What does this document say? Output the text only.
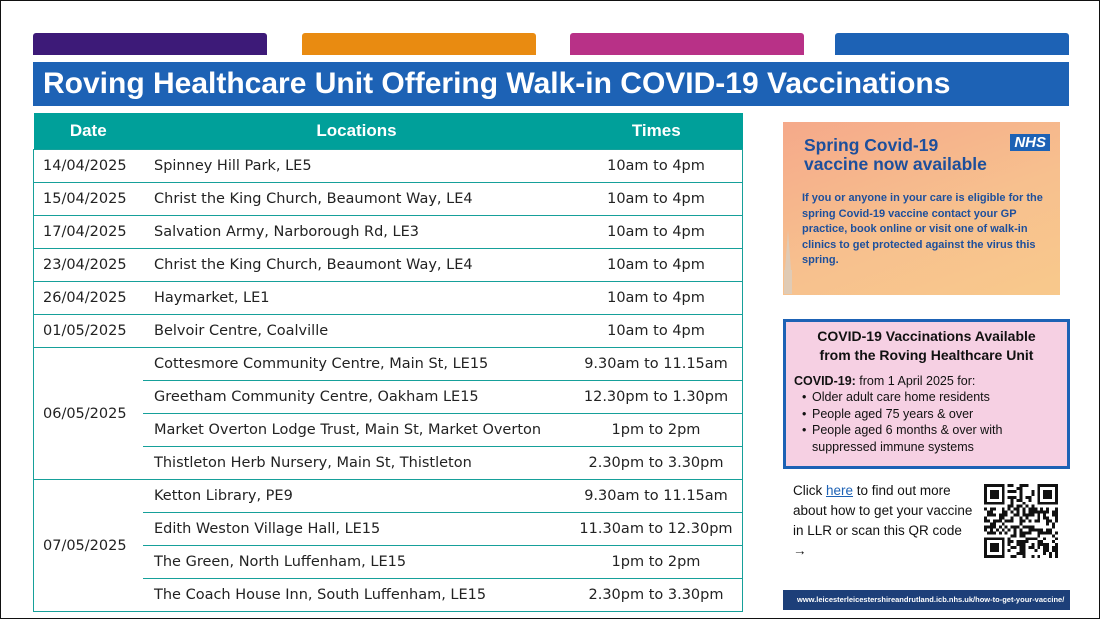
Roving Healthcare Unit Offering Walk-in COVID-19 Vaccinations
Date	Locations	Times
14/04/2025	Spinney Hill Park, LE5	10am to 4pm
15/04/2025	Christ the King Church, Beaumont Way, LE4	10am to 4pm
17/04/2025	Salvation Army, Narborough Rd, LE3	10am to 4pm
23/04/2025	Christ the King Church, Beaumont Way, LE4	10am to 4pm
26/04/2025	Haymarket, LE1	10am to 4pm
01/05/2025	Belvoir Centre, Coalville	10am to 4pm
06/05/2025	Cottesmore Community Centre, Main St, LE15	9.30am to 11.15am
	Greetham Community Centre, Oakham LE15	12.30pm to 1.30pm
	Market Overton Lodge Trust, Main St, Market Overton	1pm to 2pm
	Thistleton Herb Nursery, Main St, Thistleton	2.30pm to 3.30pm
07/05/2025	Ketton Library, PE9	9.30am to 11.15am
	Edith Weston Village Hall, LE15	11.30am to 12.30pm
	The Green, North Luffenham, LE15	1pm to 2pm
	The Coach House Inn, South Luffenham, LE15	2.30pm to 3.30pm
Spring Covid-19
vaccine now available
NHS
If you or anyone in your care is eligible for the spring Covid-19 vaccine contact your GP practice, book online or visit one of walk-in clinics to get protected against the virus this spring.
COVID-19 Vaccinations Available
from the Roving Healthcare Unit
COVID-19: from 1 April 2025 for:
• Older adult care home residents
• People aged 75 years & over
• People aged 6 months & over with suppressed immune systems
Click here to find out more about how to get your vaccine in LLR or scan this QR code →
www.leicesterleicestershireandrutland.icb.nhs.uk/how-to-get-your-vaccine/
